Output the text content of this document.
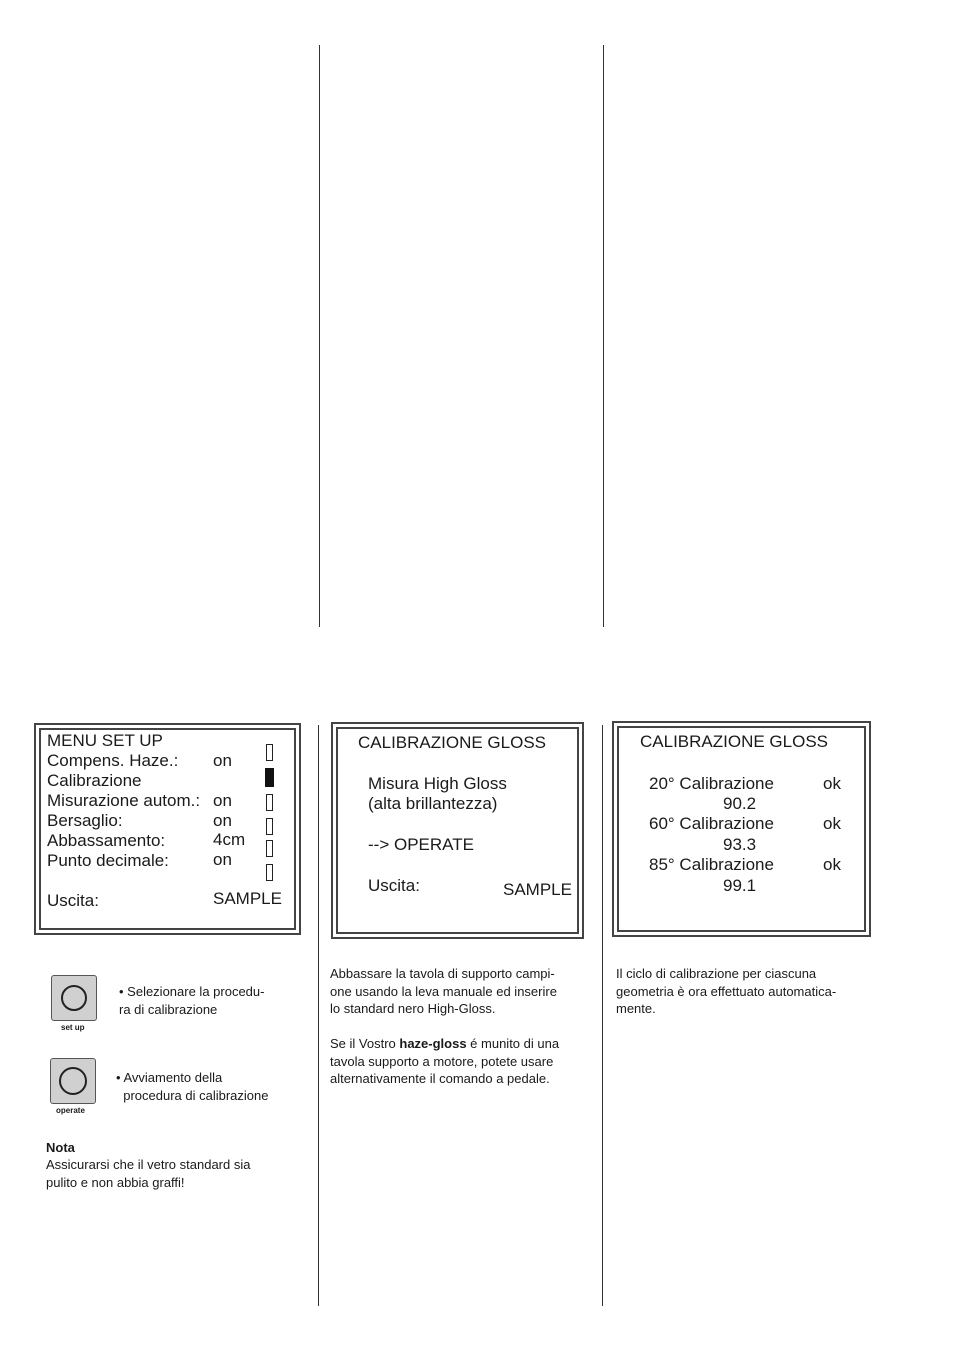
MENU SET UP
Compens. Haze.: on
Calibrazione
Misurazione autom.: on
Bersaglio:	on
Abbassamento:	4cm
Punto decimale:	on
Uscita:	SAMPLE
set up
• Selezionare la procedu-
ra di calibrazione
operate
• Avviamento della
procedura di calibrazione
Nota
Assicurarsi che il vetro standard sia
pulito e non abbia graffi!
CALIBRAZIONE GLOSS
Misura High Gloss
(alta brillantezza)
--> OPERATE
Uscita:	SAMPLE
Abbassare la tavola di supporto campi-
one usando la leva manuale ed inserire
lo standard nero High-Gloss.
Se il Vostro haze-gloss é munito di una
tavola supporto a motore, potete usare
alternativamente il comando a pedale.
CALIBRAZIONE GLOSS
20° Calibrazione	ok
90.2
60° Calibrazione	ok
93.3
85° Calibrazione	ok
99.1
Il ciclo di calibrazione per ciascuna
geometria è ora effettuato automatica-
mente.
